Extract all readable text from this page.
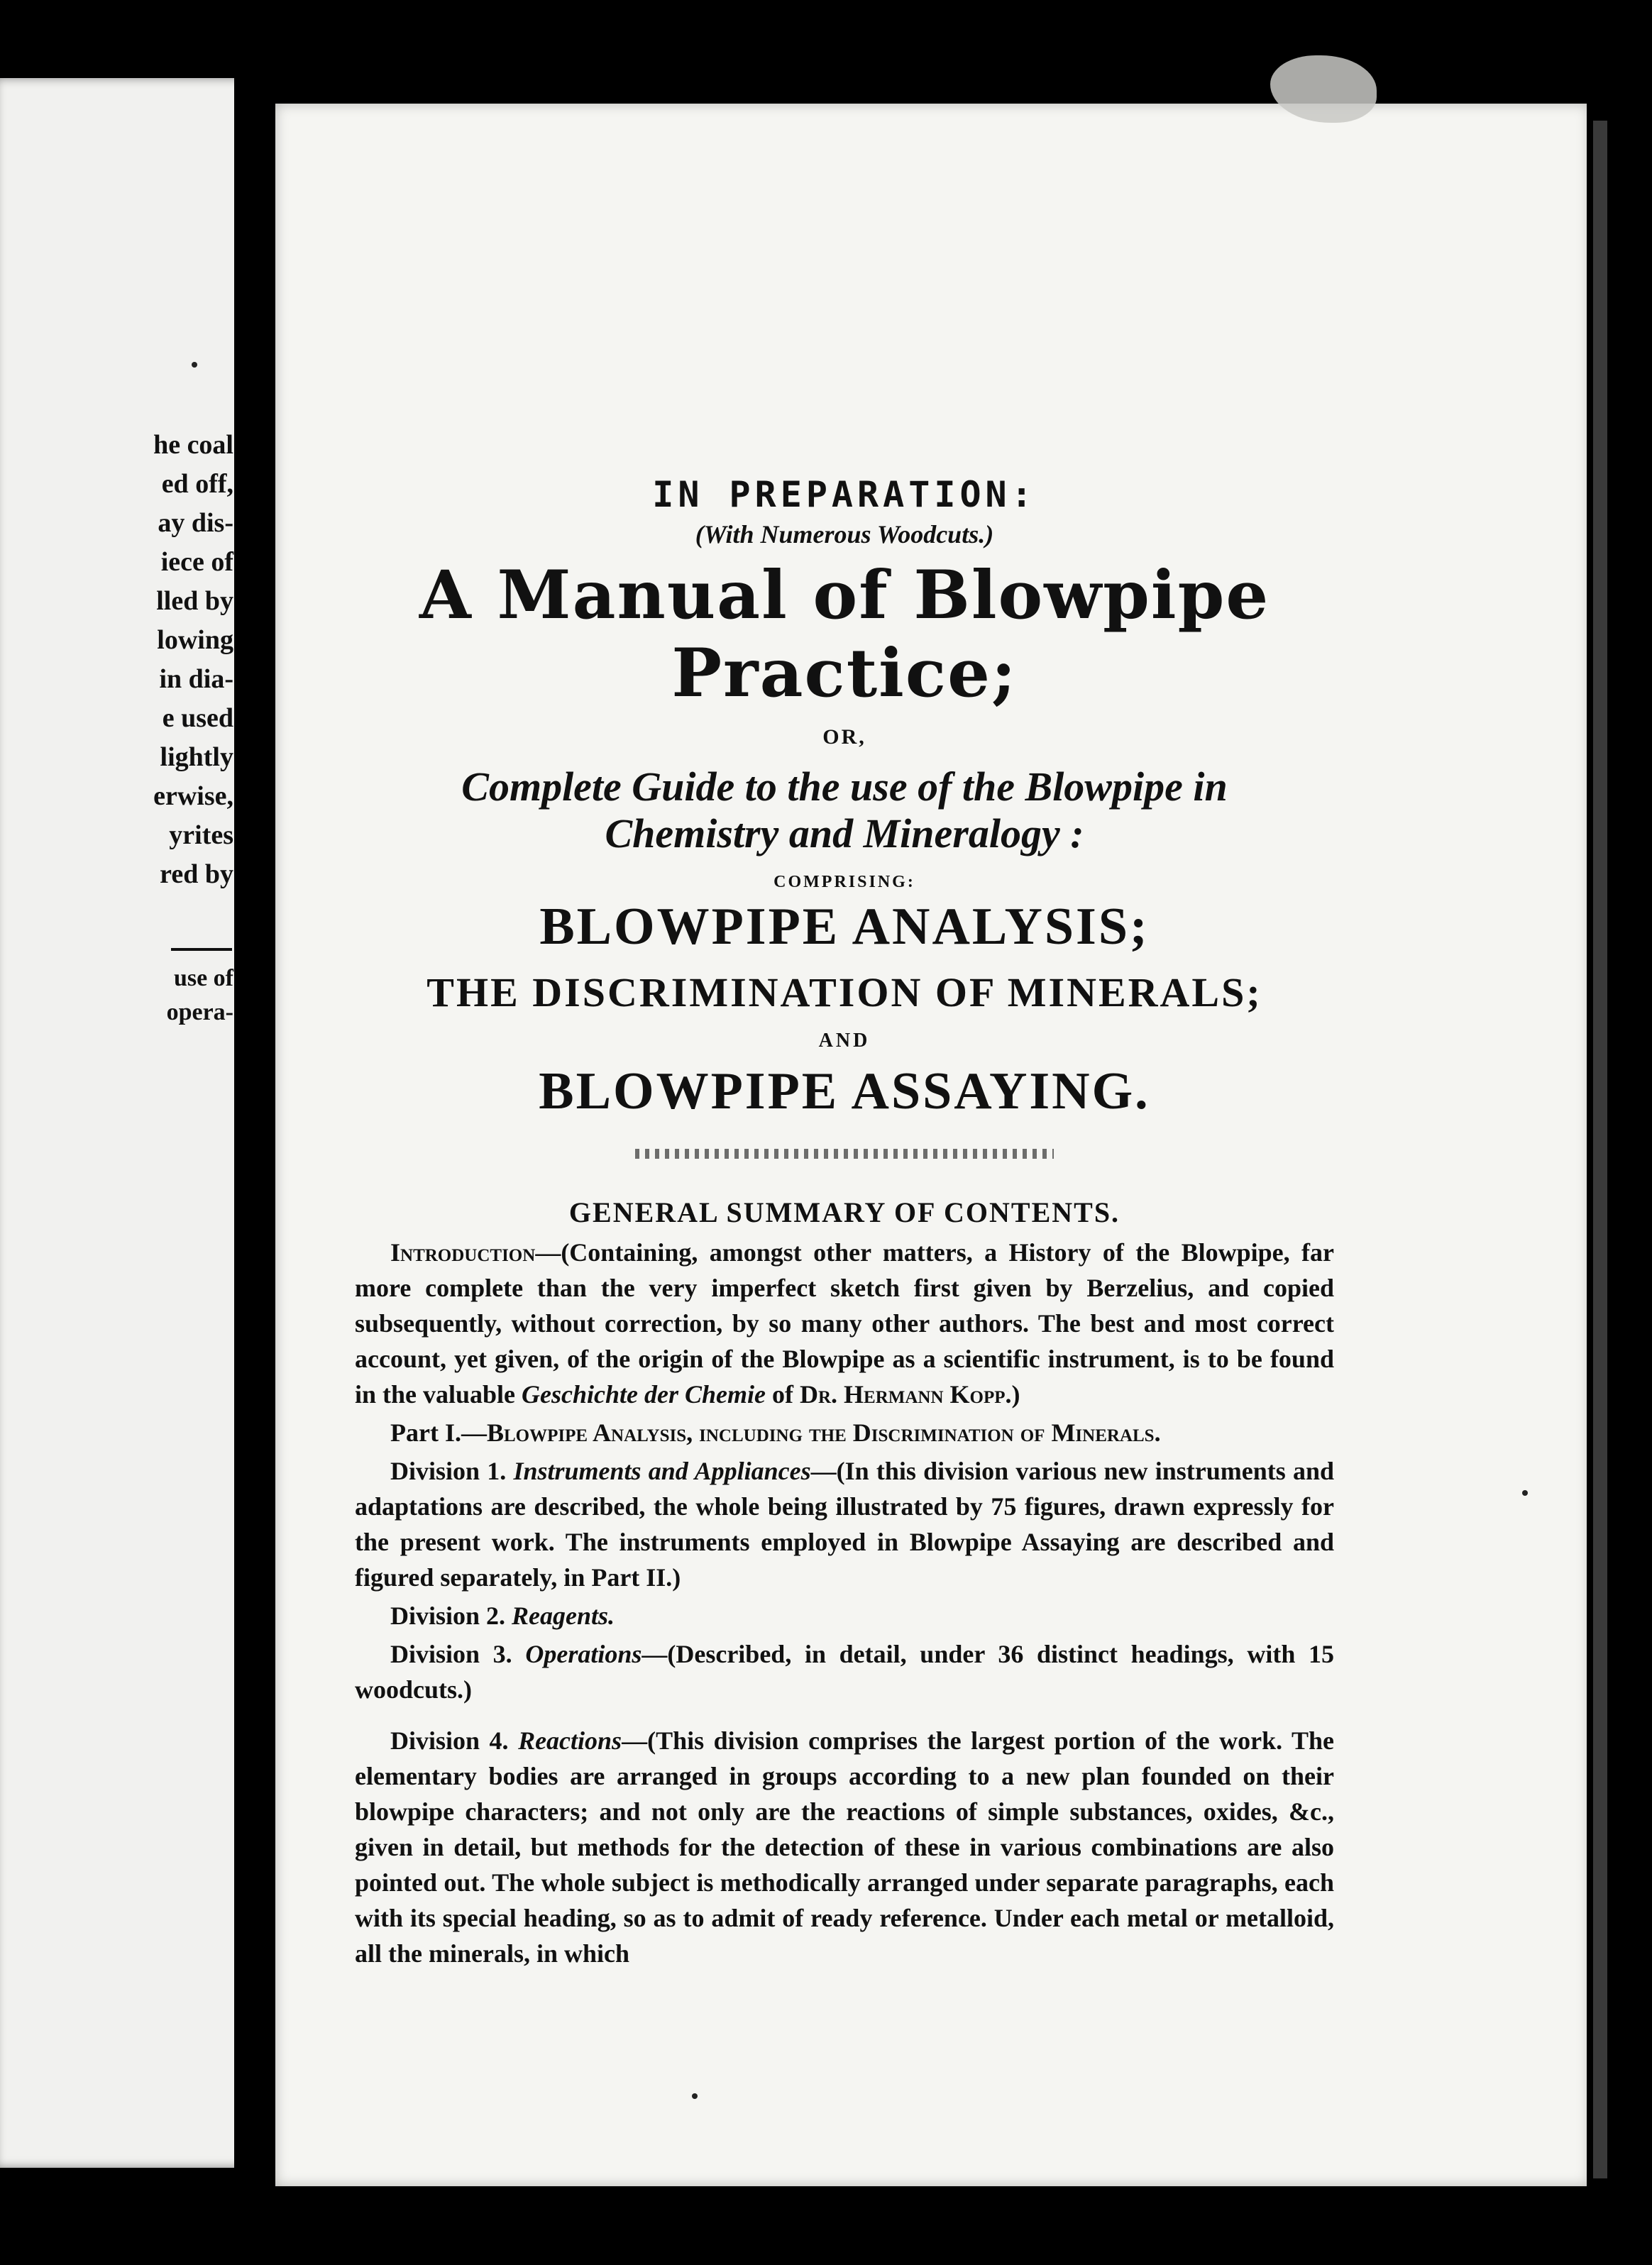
he coal
ed off,
ay dis-
iece of
lled by
lowing
in dia-
e used
lightly
erwise,
yrites
red by
use of
opera-

IN PREPARATION:

(With Numerous Woodcuts.)
A Manual of Blowpipe Practice;
OR,
Complete Guide to the use of the Blowpipe in
Chemistry and Mineralogy :
COMPRISING:
BLOWPIPE ANALYSIS;
THE DISCRIMINATION OF MINERALS;
AND
BLOWPIPE ASSAYING.
GENERAL SUMMARY OF CONTENTS.

Introduction—(Containing, amongst other matters, a History of the Blowpipe, far more complete than the very imperfect sketch first given by Berzelius, and copied subsequently, without correction, by so many other authors. The best and most correct account, yet given, of the origin of the Blowpipe as a scientific instrument, is to be found in the valuable Geschichte der Chemie of Dr. Hermann Kopp.)

Part I.—Blowpipe Analysis, including the Discrimination of Minerals.

Division 1. Instruments and Appliances—(In this division various new instruments and adaptations are described, the whole being illustrated by 75 figures, drawn expressly for the present work. The instruments employed in Blowpipe Assaying are described and figured separately, in Part II.)

Division 2. Reagents.

Division 3. Operations—(Described, in detail, under 36 distinct headings, with 15 woodcuts.)

Division 4. Reactions—(This division comprises the largest portion of the work. The elementary bodies are arranged in groups according to a new plan founded on their blowpipe characters; and not only are the reactions of simple substances, oxides, &c., given in detail, but methods for the detection of these in various combinations are also pointed out. The whole subject is methodically arranged under separate paragraphs, each with its special heading, so as to admit of ready reference. Under each metal or metalloid, all the minerals, in which
